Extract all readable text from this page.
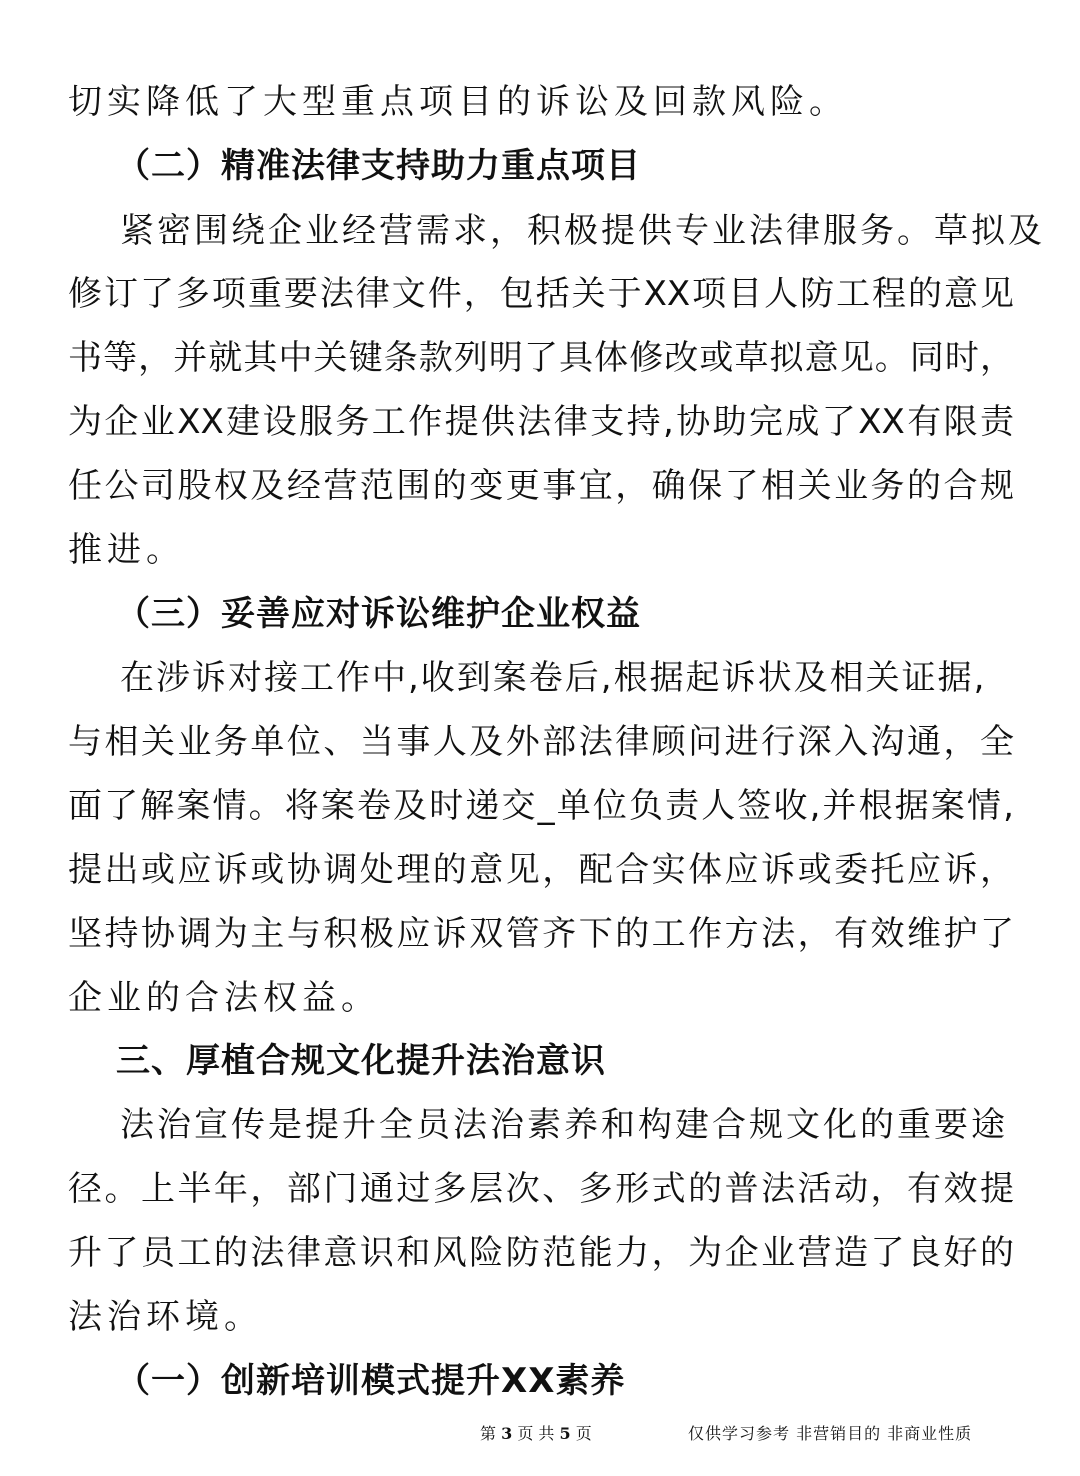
切实降低了大型重点项目的诉讼及回款风险。
（二）精准法律支持助力重点项目
紧密围绕企业经营需求，积极提供专业法律服务。草拟及
修订了多项重要法律文件，包括关于XX项目人防工程的意见
书等，并就其中关键条款列明了具体修改或草拟意见。同时，
为企业XX建设服务工作提供法律支持,协助完成了XX有限责
任公司股权及经营范围的变更事宜，确保了相关业务的合规
推进。
（三）妥善应对诉讼维护企业权益
在涉诉对接工作中,收到案卷后,根据起诉状及相关证据,
与相关业务单位、当事人及外部法律顾问进行深入沟通，全
面了解案情。将案卷及时递交_单位负责人签收,并根据案情,
提出或应诉或协调处理的意见，配合实体应诉或委托应诉，
坚持协调为主与积极应诉双管齐下的工作方法，有效维护了
企业的合法权益。
三、厚植合规文化提升法治意识
法治宣传是提升全员法治素养和构建合规文化的重要途
径。上半年，部门通过多层次、多形式的普法活动，有效提
升了员工的法律意识和风险防范能力，为企业营造了良好的
法治环境。
（一）创新培训模式提升XX素养
第 3 页 共 5 页	仅供学习参考 非营销目的 非商业性质
